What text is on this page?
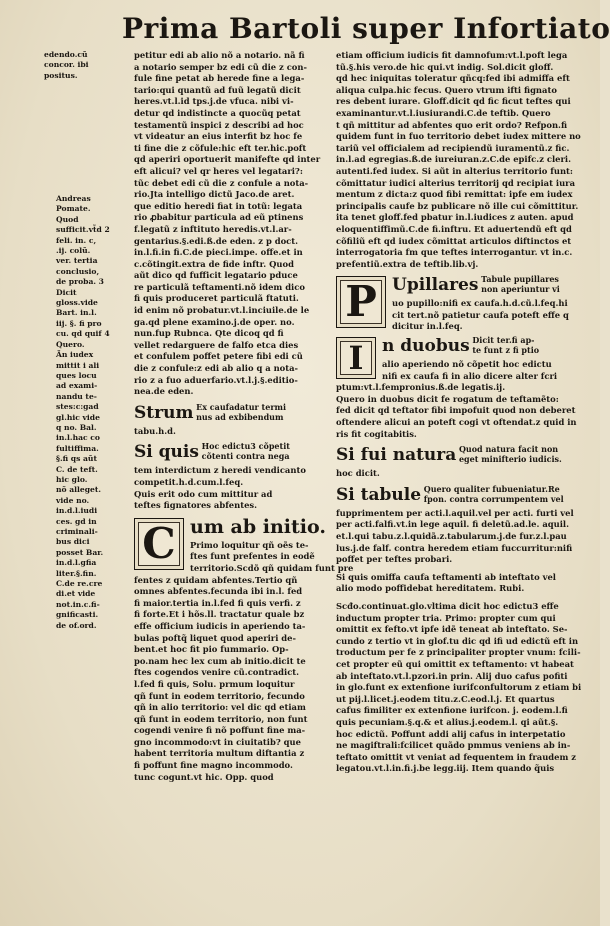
Prima Bartoli super Infortiato
edendo.cũ
concor. ibi
positus.

Andreas
Pomate.
Quod
sufficit.vt̃d 2
feli. in. c,
.ij. colũ.
ver. tertia
conclusio,
de proba. 3
Dicit
gloss.vide
Bart. in.l.
iij. §. fi pro
cu. qd quif 4
Quero.
Ãn iudex
mittit i ali
ques locu
ad exami-
nandu te-
stes:c:gad
gl.hic vide
q no. Bal.
in.l.hac co
fultiffima.
§.fi qs aũt
C. de teft.
hic glo.
nõ alleget.
vide no.
in.d.l.iudi
ces. gd in
criminali-
bus dici
posset Bar.
in.d.l.gfia
liter.§.fin.
C.de re.cre
di.et vide
not.in.c.fi-
gnificasti.
de of.ord.

petitur edi ab alio nõ a notario. nã fi
a notario semper bz edi cũ die z con-
fule fine petat ab herede fine a lega-
tario:qui quantũ ad fuũ legatũ dicit
heres.vt.l.id tps.j.de vfuca. nibi vi-
detur qd indistincte a quocũq petat
testamentũ inspici z describi ad hoc
vt videatur an eius interfit bz hoc fe
ti fine die z cõfule:hic eft ter.hic.poft
qd aperiri oportuerit manifefte qd inter
eft alicui? vel qr heres vel legatari?:
tũc debet edi cũ die z confule a nota-
rio.Jta intelligo dictũ Jaco.de aret.
que editio heredi fiat in totũ: legata
rio ꝓbabitur particula ad eũ ptinens
f.legatũ z inftituto heredis.vt.l.ar-
gentarius.§.edi.ß.de eden. z p doct.
in.l.fi.in fi.C.de pieci.impe. offe.et in
c.cõtingit.extra de fide inftr. Quod
aũt dico qd fufficit legatario pduce
re particulã teftamenti.nõ idem dico
fi quis produceret particulã ftatuti.
id enim nõ probatur.vt.l.inciuile.de le
ga.qd plene examino.j.de oper. no.
nun.fup Rubnca. Qte dicoq qd fi
vellet redarguere de falfo etca dies
et confulem poffet petere fibi edi cũ
die z confule:z edi ab alio q a nota-
rio z a fuo aduerfario.vt.l.j.§.editio-
nea.de eden.
Strum Ex caufadatur termi
nus ad exbibendum
tabu.h.d.
Si quis Hoc edictu3 cõpetit
cõtenti contra nega
tem interdictum z heredi vendicanto
competit.h.d.cum.l.feq.
Quis erit odo cum mittitur ad
teftes fignatores abfentes.
C um ab initio.
Primo loquitur qñ oẽs te-
ftes funt prefentes in eodẽ
territorio.Scdõ qñ quidam funt pre
fentes z quidam abfentes.Tertio qñ
omnes abfentes.fecunda ibi in.l. fed
fi maior.tertia in.l.fed fi quis verfi. z
fi forte.Et i hõs.ll. tractatur quale bz
effe officium iudicis in aperiendo ta-
bulas poftq̃ liquet quod aperiri de-
bent.et hoc fit pio fummario. Op-
po.nam hec lex cum ab initio.dicit te
ftes cogendos venire cũ.contradict.
l.fed fi quis, Solu. prmum loquitur
qñ funt in eodem territorio, fecundo
qñ in alio territorio: vel dic qd etiam
qñ funt in eodem territorio, non funt
cogendi venire fi nõ poffunt fine ma-
gno incommodo:vt in ciuitatib? que
habent territoria multum diftantia z
fi poffunt fine magno incommodo.
tunc cogunt.vt hic. Opp. quod
etiam officium iudicis fit damnofum:vt.l.poft lega
tũ.§.his vero.de hic qui.vt indig. Sol.dicit gloff.
qd hec iniquitas toleratur qñcq:fed ibi admiffa eft
aliqua culpa.hic fecus. Quero vtrum ifti fignato
res debent iurare. Gloff.dicit qd fic ficut teftes qui
examinantur.vt.l.iusiurandi.C.de teftib. Quero
t qñ mittitur ad abfentes quo erit ordo? Refpon.fi
quidem funt in fuo territorio debet iudex mittere no
tariũ vel officialem ad recipiendũ iuramentũ.z fic.
in.l.ad egregias.ß.de iureiuran.z.C.de epifc.z cleri.
autenti.fed iudex. Si aũt in alterius territorio funt:
cõmittatur iudici alterius territorij qd recipiat iura
mentum z dicta:z quod fibi remittat: ipfe em iudex
principalis caufe bz publicare nõ ille cui cõmittitur.
ita tenet gloff.fed pbatur in.l.iudices z auten. apud
eloquentiffimũ.C.de fi.inftru. Et aduertendũ eft qd
cõfiliũ eft qd iudex cõmittat articulos diftinctos et
interrogatoria fm que teftes interrogantur. vt in.c.
prefentiũ.extra de teftib.lib.vj.
P Upillares Tabule pupillares
non aperiuntur vi
uo pupillo:nifi ex caufa.h.d.cũ.l.feq.hi
cit tert.nõ patietur caufa poteft effe q
dicitur in.l.feq.
I	n duobus Dicit ter.fi ap-
te funt z fi ptio
alio aperiendo nõ cõpetit hoc edictu
nifi ex caufa fi in alio dicere alter fcri
ptum:vt.l.fempronius.ß.de legatis.ij.
Quero in duobus dicit fe rogatum de teftamẽto:
fed dicit qd teftator fibi impofuit quod non deberet
oftendere alicui an poteft cogi vt oftendat.z quid in
ris fit cogitabitis.
Si fui natura Quod natura facit non
eget minifterio iudicis.
hoc dicit.
Si tabule Quero qualiter fubueniatur.Re
fpon. contra corrumpentem vel
fupprimentem per acti.l.aquil.vel per acti. furti vel
per acti.falfi.vt.in lege aquil. fi deletũ.ad.le. aquil.
et.l.qui tabu.z.l.quidã.z.tabularum.j.de fur.z.l.pau
lus.j.de falf. contra heredem etiam fuccurritur:nifi
poffet per teftes probari.
Si quis omiffa caufa teftamenti ab inteftato vel
alio modo poffidebat hereditatem. Rubi.
Scđo.continuat.glo.vltima dicit hoc edictu3 effe
inductum propter tria. Primo: propter cum qui
omittit ex fefto.vt ipfe idẽ teneat ab inteftato. Se-
cundo z tertio vt in glof.tu dic qd ifi ud edictũ eft in
troductum per fe z principaliter propter vnum: fcili-
cet propter eũ qui omittit ex teftamento: vt habeat
ab inteftato.vt.l.pzori.in prin. Alij duo cafus pofiti
in glo.funt ex extenfione iurifconfultorum z etiam bi
ut pij.l.licet.j.eodem titu.z.C.eod.l.j. Et quartus
cafus fimiliter ex extenfione iurifcon. j. eodem.l.fi
quis pecuniam.§.q.& et alius.j.eodem.l. qi aũt.§.
hoc edictũ. Poffunt addi alij cafus in interpetatio
ne magiftrali:fcilicet quãdo pmmus veniens ab in-
teftato omittit vt veniat ad fequentem in fraudem z
legatou.vt.l.in.fi.j.be legg.iij. Item quando q̃uis
